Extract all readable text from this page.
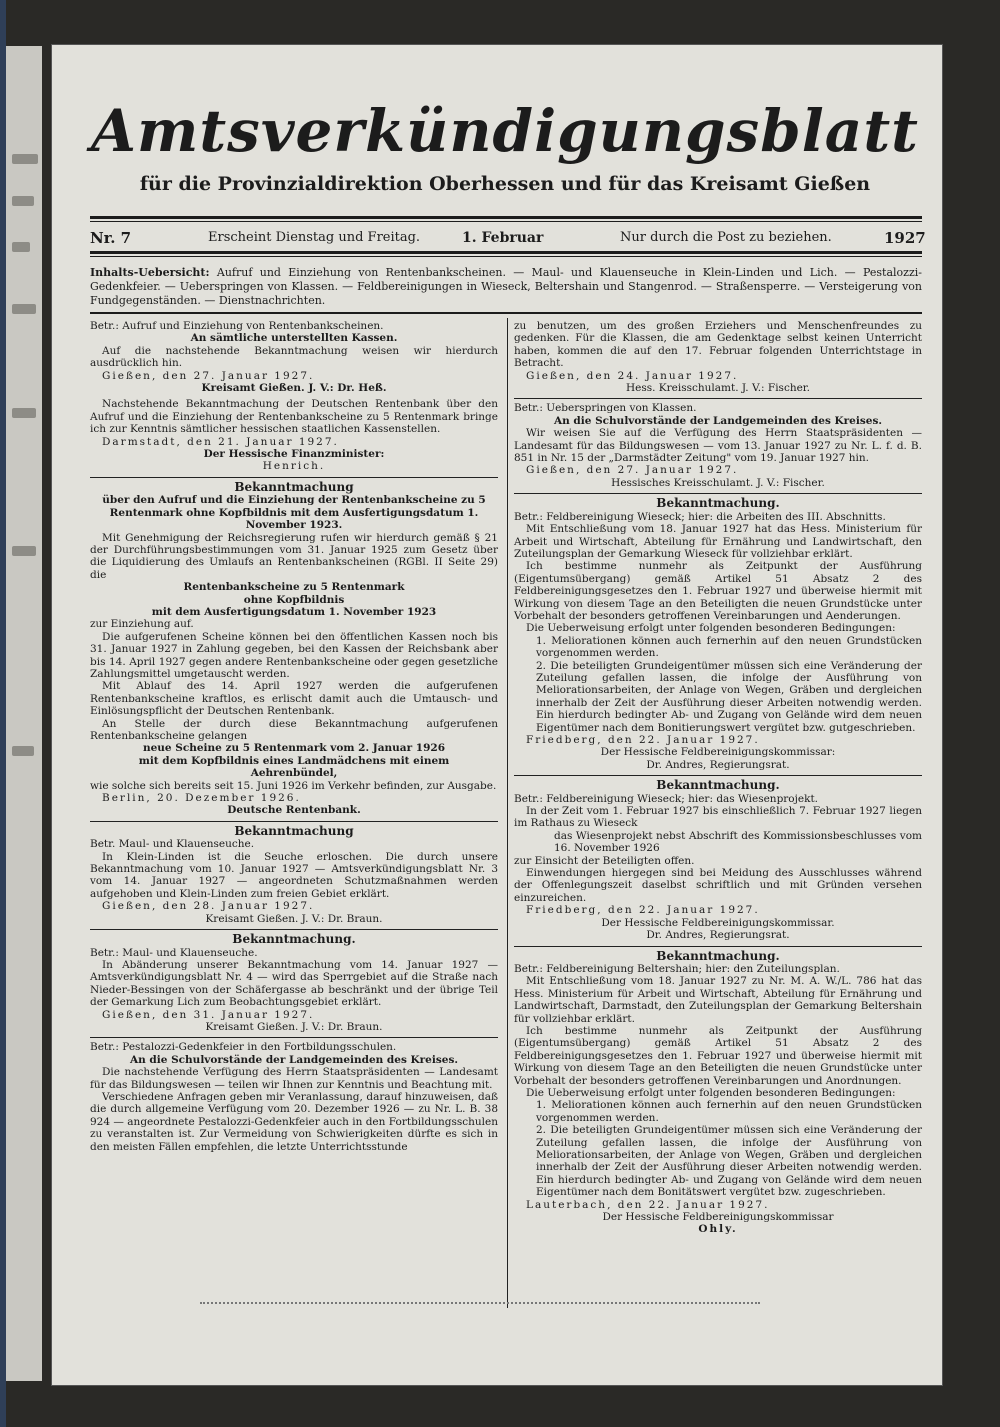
Amtsverkündigungsblatt
für die Provinzialdirektion Oberhessen und für das Kreisamt Gießen
Nr. 7	Erscheint Dienstag und Freitag.	1. Februar	Nur durch die Post zu beziehen.	1927
Inhalts-Uebersicht: Aufruf und Einziehung von Rentenbankscheinen. — Maul- und Klauenseuche in Klein-Linden und Lich. — Pestalozzi-Gedenkfeier. — Ueberspringen von Klassen. — Feldbereinigungen in Wieseck, Beltershain und Stangenrod. — Straßensperre. — Versteigerung von Fundgegenständen. — Dienstnachrichten.

Betr.: Aufruf und Einziehung von Rentenbankscheinen.

An sämtliche unterstellten Kassen.

Auf die nachstehende Bekanntmachung weisen wir hierdurch ausdrücklich hin.

Gießen, den 27. Januar 1927.

Kreisamt Gießen. J. V.: Dr. Heß.

Nachstehende Bekanntmachung der Deutschen Rentenbank über den Aufruf und die Einziehung der Rentenbankscheine zu 5 Rentenmark bringe ich zur Kenntnis sämtlicher hessischen staatlichen Kassenstellen.

Darmstadt, den 21. Januar 1927.

Der Hessische Finanzminister:

Henrich.

Bekanntmachung

über den Aufruf und die Einziehung der Rentenbankscheine zu 5 Rentenmark ohne Kopfbildnis mit dem Ausfertigungsdatum 1. November 1923.

Mit Genehmigung der Reichsregierung rufen wir hierdurch gemäß § 21 der Durchführungsbestimmungen vom 31. Januar 1925 zum Gesetz über die Liquidierung des Umlaufs an Rentenbankscheinen (RGBl. II Seite 29) die

Rentenbankscheine zu 5 Rentenmark

ohne Kopfbildnis

mit dem Ausfertigungsdatum 1. November 1923

zur Einziehung auf.

Die aufgerufenen Scheine können bei den öffentlichen Kassen noch bis 31. Januar 1927 in Zahlung gegeben, bei den Kassen der Reichsbank aber bis 14. April 1927 gegen andere Rentenbankscheine oder gegen gesetzliche Zahlungsmittel umgetauscht werden.

Mit Ablauf des 14. April 1927 werden die aufgerufenen Rentenbankscheine kraftlos, es erlischt damit auch die Umtausch- und Einlösungspflicht der Deutschen Rentenbank.

An Stelle der durch diese Bekanntmachung aufgerufenen Rentenbankscheine gelangen

neue Scheine zu 5 Rentenmark vom 2. Januar 1926

mit dem Kopfbildnis eines Landmädchens mit einem

Aehrenbündel,

wie solche sich bereits seit 15. Juni 1926 im Verkehr befinden, zur Ausgabe.

Berlin, 20. Dezember 1926.

Deutsche Rentenbank.

Bekanntmachung

Betr. Maul- und Klauenseuche.

In Klein-Linden ist die Seuche erloschen. Die durch unsere Bekanntmachung vom 10. Januar 1927 — Amtsverkündigungsblatt Nr. 3 vom 14. Januar 1927 — angeordneten Schutzmaßnahmen werden aufgehoben und Klein-Linden zum freien Gebiet erklärt.

Gießen, den 28. Januar 1927.

Kreisamt Gießen. J. V.: Dr. Braun.

Bekanntmachung.

Betr.: Maul- und Klauenseuche.

In Abänderung unserer Bekanntmachung vom 14. Januar 1927 — Amtsverkündigungsblatt Nr. 4 — wird das Sperrgebiet auf die Straße nach Nieder-Bessingen von der Schäfergasse ab beschränkt und der übrige Teil der Gemarkung Lich zum Beobachtungsgebiet erklärt.

Gießen, den 31. Januar 1927.

Kreisamt Gießen. J. V.: Dr. Braun.

Betr.: Pestalozzi-Gedenkfeier in den Fortbildungsschulen.

An die Schulvorstände der Landgemeinden des Kreises.

Die nachstehende Verfügung des Herrn Staatspräsidenten — Landesamt für das Bildungswesen — teilen wir Ihnen zur Kenntnis und Beachtung mit.

Verschiedene Anfragen geben mir Veranlassung, darauf hinzuweisen, daß die durch allgemeine Verfügung vom 20. Dezember 1926 — zu Nr. L. B. 38 924 — angeordnete Pestalozzi-Gedenkfeier auch in den Fortbildungsschulen zu veranstalten ist. Zur Vermeidung von Schwierigkeiten dürfte es sich in den meisten Fällen empfehlen, die letzte Unterrichtsstunde

zu benutzen, um des großen Erziehers und Menschenfreundes zu gedenken. Für die Klassen, die am Gedenktage selbst keinen Unterricht haben, kommen die auf den 17. Februar folgenden Unterrichtstage in Betracht.

Gießen, den 24. Januar 1927.

Hess. Kreisschulamt. J. V.: Fischer.

Betr.: Ueberspringen von Klassen.

An die Schulvorstände der Landgemeinden des Kreises.

Wir weisen Sie auf die Verfügung des Herrn Staatspräsidenten — Landesamt für das Bildungswesen — vom 13. Januar 1927 zu Nr. L. f. d. B. 851 in Nr. 15 der „Darmstädter Zeitung" vom 19. Januar 1927 hin.

Gießen, den 27. Januar 1927.

Hessisches Kreisschulamt. J. V.: Fischer.

Bekanntmachung.

Betr.: Feldbereinigung Wieseck; hier: die Arbeiten des III. Abschnitts.

Mit Entschließung vom 18. Januar 1927 hat das Hess. Ministerium für Arbeit und Wirtschaft, Abteilung für Ernährung und Landwirtschaft, den Zuteilungsplan der Gemarkung Wieseck für vollziehbar erklärt.

Ich bestimme nunmehr als Zeitpunkt der Ausführung (Eigentumsübergang) gemäß Artikel 51 Absatz 2 des Feldbereinigungsgesetzes den 1. Februar 1927 und überweise hiermit mit Wirkung von diesem Tage an den Beteiligten die neuen Grundstücke unter Vorbehalt der besonders getroffenen Vereinbarungen und Aenderungen.

Die Ueberweisung erfolgt unter folgenden besonderen Bedingungen:

1. Meliorationen können auch fernerhin auf den neuen Grundstücken vorgenommen werden.

2. Die beteiligten Grundeigentümer müssen sich eine Veränderung der Zuteilung gefallen lassen, die infolge der Ausführung von Meliorationsarbeiten, der Anlage von Wegen, Gräben und dergleichen innerhalb der Zeit der Ausführung dieser Arbeiten notwendig werden. Ein hierdurch bedingter Ab- und Zugang von Gelände wird dem neuen Eigentümer nach dem Bonitierungswert vergütet bzw. gutgeschrieben.

Friedberg, den 22. Januar 1927.

Der Hessische Feldbereinigungskommissar:

Dr. Andres, Regierungsrat.

Bekanntmachung.

Betr.: Feldbereinigung Wieseck; hier: das Wiesenprojekt.

In der Zeit vom 1. Februar 1927 bis einschließlich 7. Februar 1927 liegen im Rathaus zu Wieseck

das Wiesenprojekt nebst Abschrift des Kommissionsbeschlusses vom 16. November 1926

zur Einsicht der Beteiligten offen.

Einwendungen hiergegen sind bei Meidung des Ausschlusses während der Offenlegungszeit daselbst schriftlich und mit Gründen versehen einzureichen.

Friedberg, den 22. Januar 1927.

Der Hessische Feldbereinigungskommissar.

Dr. Andres, Regierungsrat.

Bekanntmachung.

Betr.: Feldbereinigung Beltershain; hier: den Zuteilungsplan.

Mit Entschließung vom 18. Januar 1927 zu Nr. M. A. W./L. 786 hat das Hess. Ministerium für Arbeit und Wirtschaft, Abteilung für Ernährung und Landwirtschaft, Darmstadt, den Zuteilungsplan der Gemarkung Beltershain für vollziehbar erklärt.

Ich bestimme nunmehr als Zeitpunkt der Ausführung (Eigentumsübergang) gemäß Artikel 51 Absatz 2 des Feldbereinigungsgesetzes den 1. Februar 1927 und überweise hiermit mit Wirkung von diesem Tage an den Beteiligten die neuen Grundstücke unter Vorbehalt der besonders getroffenen Vereinbarungen und Anordnungen.

Die Ueberweisung erfolgt unter folgenden besonderen Bedingungen:

1. Meliorationen können auch fernerhin auf den neuen Grundstücken vorgenommen werden.

2. Die beteiligten Grundeigentümer müssen sich eine Veränderung der Zuteilung gefallen lassen, die infolge der Ausführung von Meliorationsarbeiten, der Anlage von Wegen, Gräben und dergleichen innerhalb der Zeit der Ausführung dieser Arbeiten notwendig werden. Ein hierdurch bedingter Ab- und Zugang von Gelände wird dem neuen Eigentümer nach dem Bonitätswert vergütet bzw. zugeschrieben.

Lauterbach, den 22. Januar 1927.

Der Hessische Feldbereinigungskommissar

Ohly.
